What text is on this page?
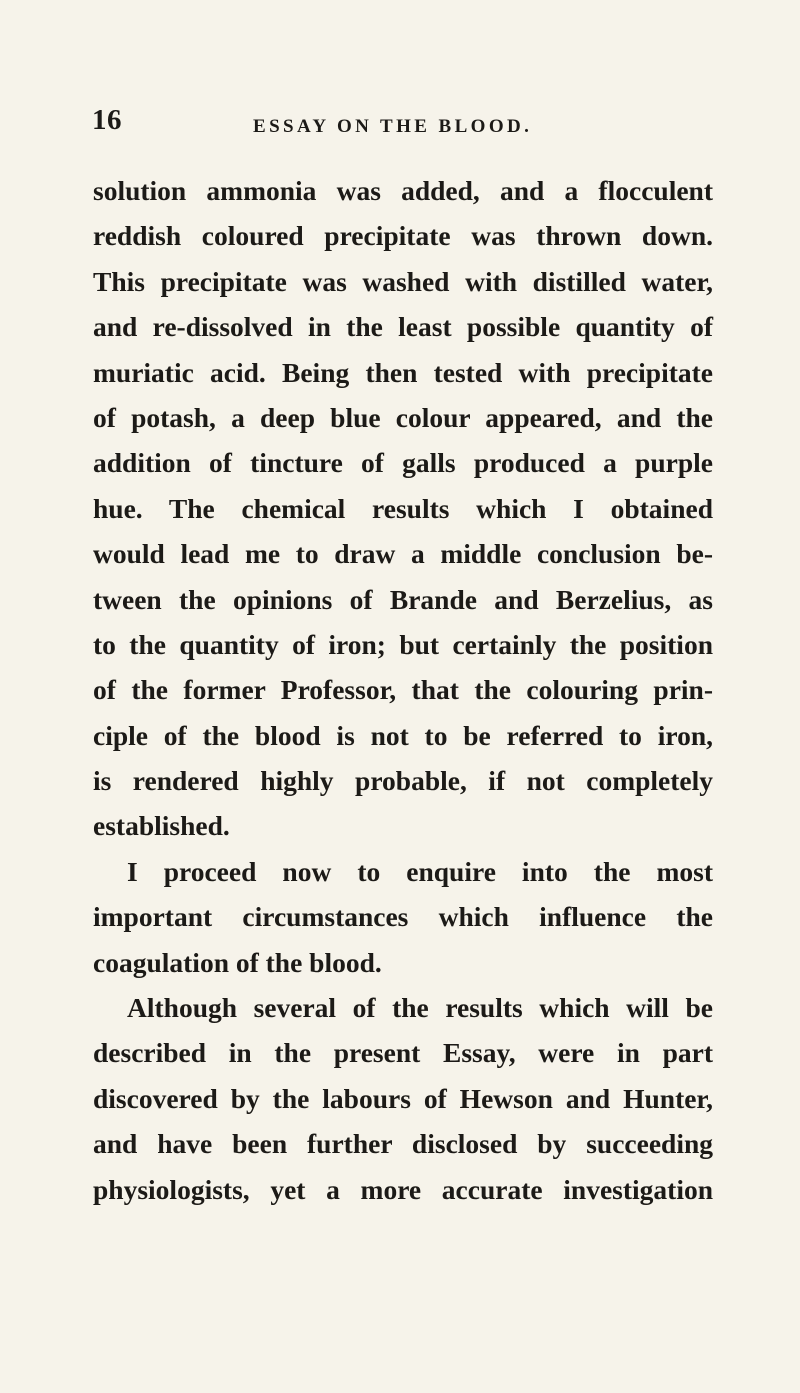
16	ESSAY ON THE BLOOD.
solution ammonia was added, and a flocculent
reddish coloured precipitate was thrown down.
This precipitate was washed with distilled water,
and re-dissolved in the least possible quantity of
muriatic acid. Being then tested with precipitate
of potash, a deep blue colour appeared, and the
addition of tincture of galls produced a purple
hue. The chemical results which I obtained
would lead me to draw a middle conclusion be-
tween the opinions of Brande and Berzelius, as
to the quantity of iron; but certainly the position
of the former Professor, that the colouring prin-
ciple of the blood is not to be referred to iron,
is rendered highly probable, if not completely
established.
I proceed now to enquire into the most
important circumstances which influence the
coagulation of the blood.
Although several of the results which will be
described in the present Essay, were in part
discovered by the labours of Hewson and Hunter,
and have been further disclosed by succeeding
physiologists, yet a more accurate investigation
